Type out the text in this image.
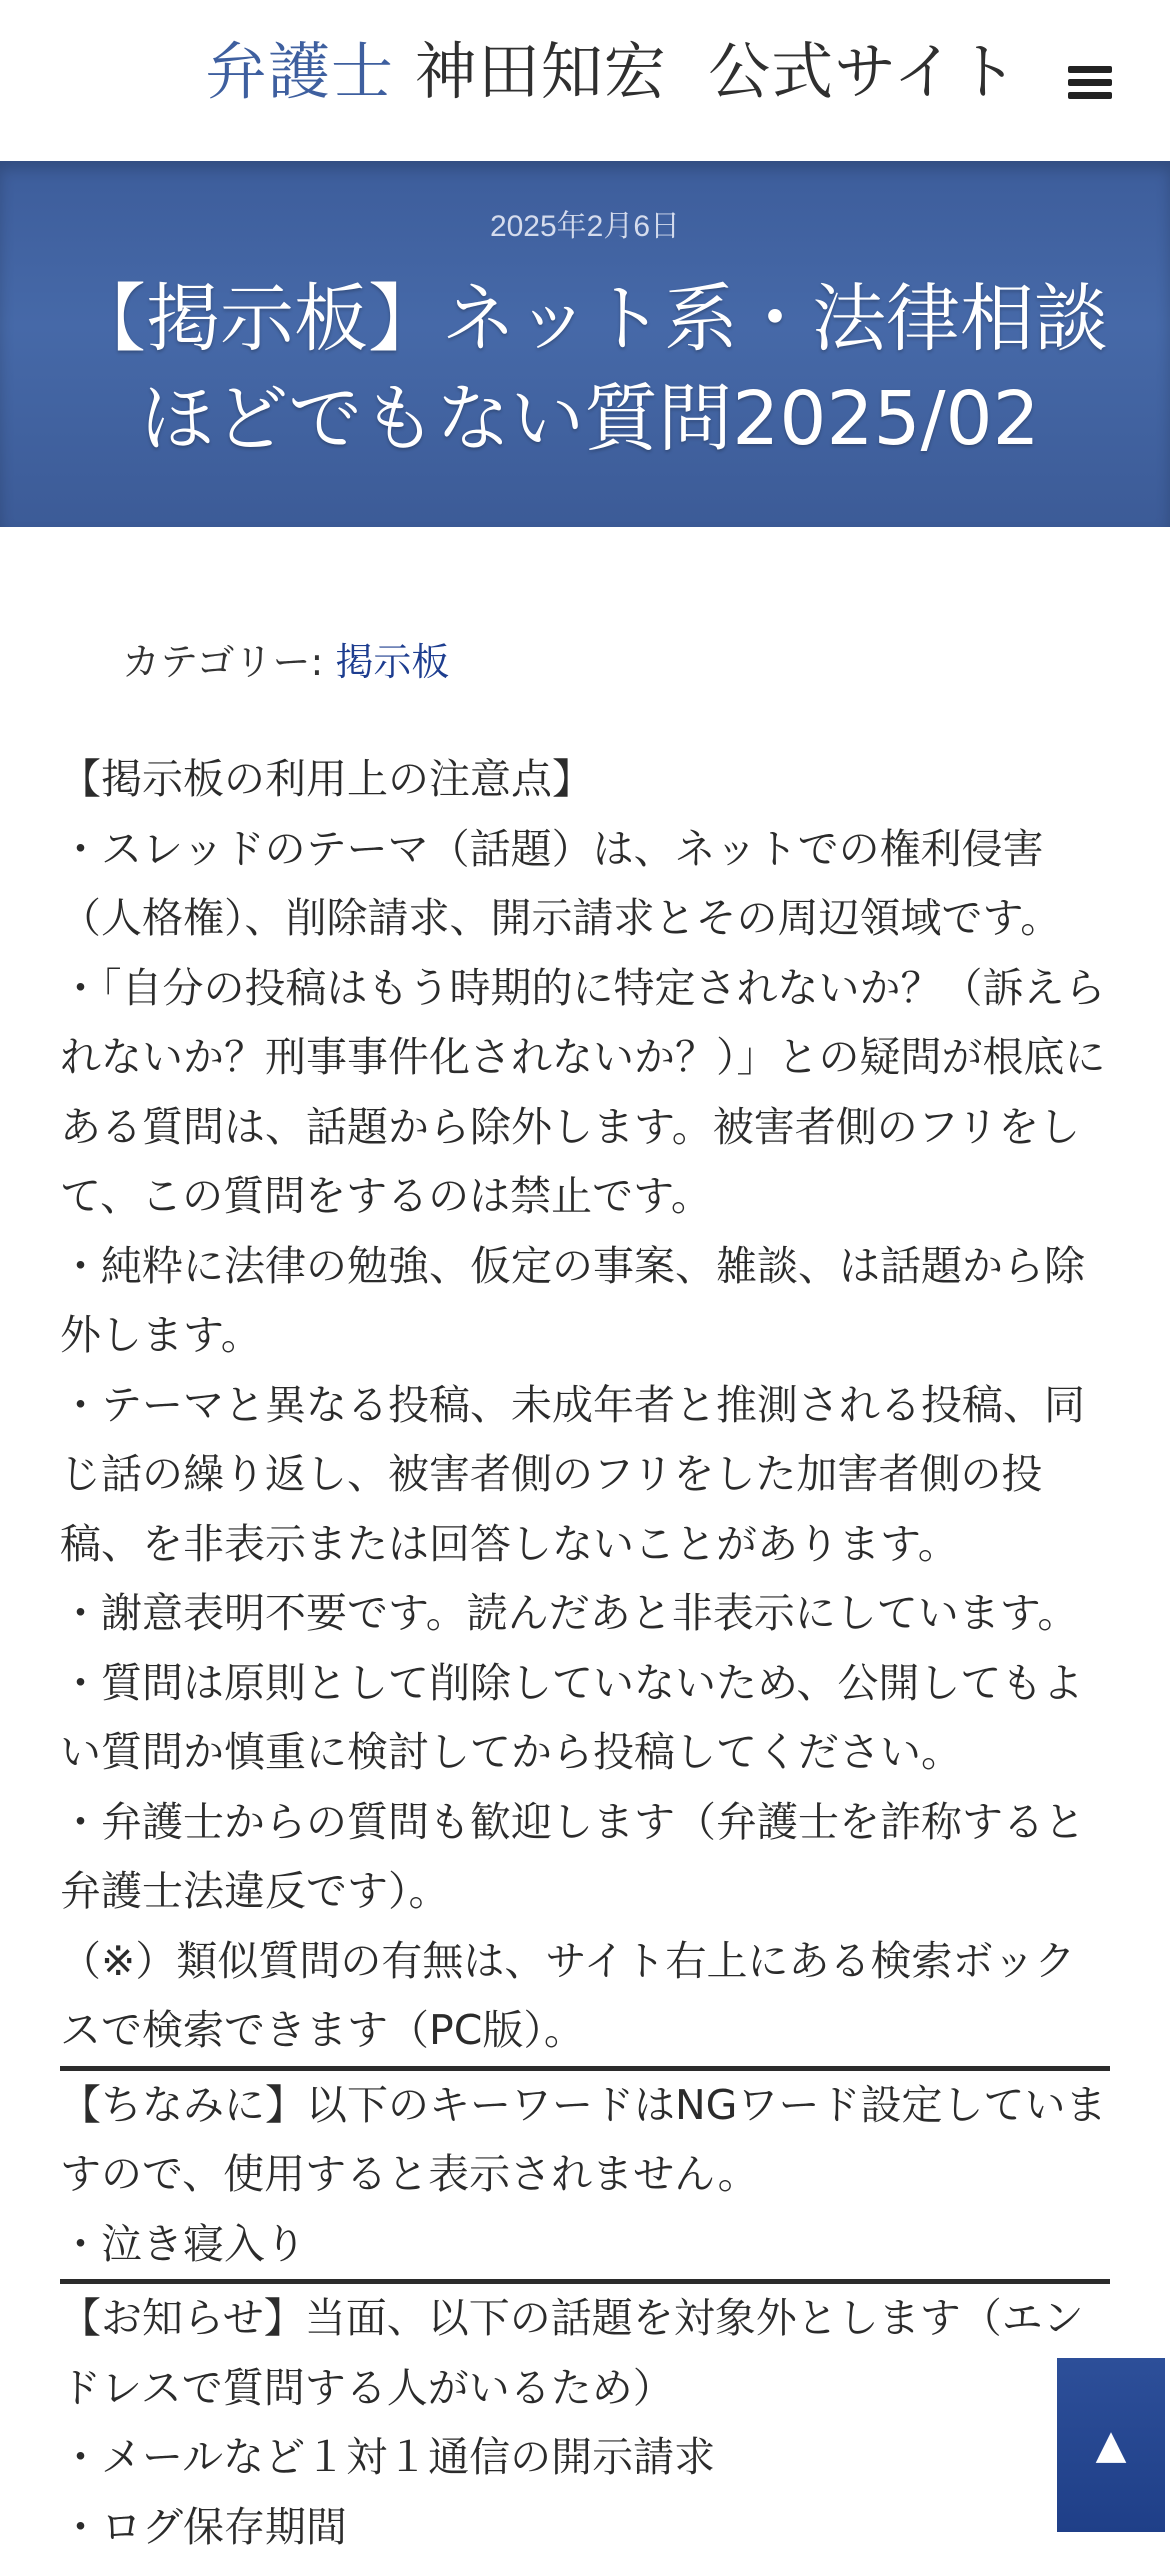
弁護士 神田知宏 公式サイト
2025年2月6日
【掲示板】ネット系・法律相談ほどでもない質問2025/02
カテゴリー: 掲示板

【掲示板の利用上の注意点】

・スレッドのテーマ（話題）は、ネットでの権利侵害（人格権）、削除請求、開示請求とその周辺領域です。

・「自分の投稿はもう時期的に特定されないか？（訴えられないか？刑事事件化されないか？）」との疑問が根底にある質問は、話題から除外します。被害者側のフリをして、この質問をするのは禁止です。

・純粋に法律の勉強、仮定の事案、雑談、は話題から除外します。

・テーマと異なる投稿、未成年者と推測される投稿、同じ話の繰り返し、被害者側のフリをした加害者側の投稿、を非表示または回答しないことがあります。

・謝意表明不要です。読んだあと非表示にしています。

・質問は原則として削除していないため、公開してもよい質問か慎重に検討してから投稿してください。

・弁護士からの質問も歓迎します（弁護士を詐称すると弁護士法違反です）。

（※）類似質問の有無は、サイト右上にある検索ボックスで検索できます（PC版）。

【ちなみに】以下のキーワードはNGワード設定していますので、使用すると表示されません。

・泣き寝入り

【お知らせ】当面、以下の話題を対象外とします（エンドレスで質問する人がいるため）

・メールなど１対１通信の開示請求

・ログ保存期間

▲
